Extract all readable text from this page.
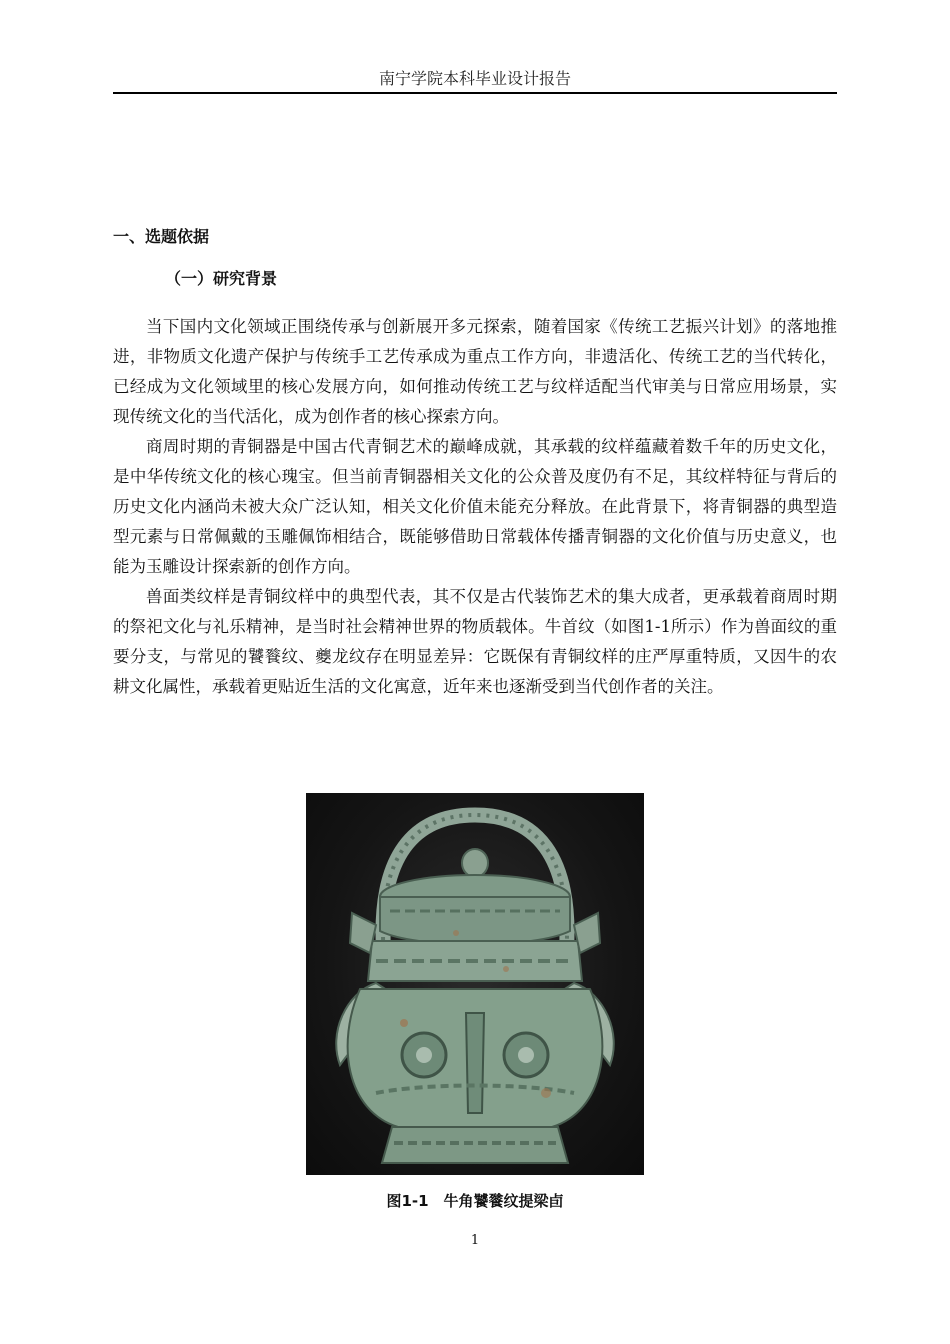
南宁学院本科毕业设计报告
一、选题依据
（一）研究背景

当下国内文化领域正围绕传承与创新展开多元探索，随着国家《传统工艺振兴计划》的落地推进，非物质文化遗产保护与传统手工艺传承成为重点工作方向，非遗活化、传统工艺的当代转化，已经成为文化领域里的核心发展方向，如何推动传统工艺与纹样适配当代审美与日常应用场景，实现传统文化的当代活化，成为创作者的核心探索方向。

商周时期的青铜器是中国古代青铜艺术的巅峰成就，其承载的纹样蕴藏着数千年的历史文化，是中华传统文化的核心瑰宝。但当前青铜器相关文化的公众普及度仍有不足，其纹样特征与背后的历史文化内涵尚未被大众广泛认知，相关文化价值未能充分释放。在此背景下，将青铜器的典型造型元素与日常佩戴的玉雕佩饰相结合，既能够借助日常载体传播青铜器的文化价值与历史意义，也能为玉雕设计探索新的创作方向。

兽面类纹样是青铜纹样中的典型代表，其不仅是古代装饰艺术的集大成者，更承载着商周时期的祭祀文化与礼乐精神，是当时社会精神世界的物质载体。牛首纹（如图1-1所示）作为兽面纹的重要分支，与常见的饕餮纹、夔龙纹存在明显差异：它既保有青铜纹样的庄严厚重特质，又因牛的农耕文化属性，承载着更贴近生活的文化寓意，近年来也逐渐受到当代创作者的关注。

图1-1　牛角饕餮纹提梁卣
1
